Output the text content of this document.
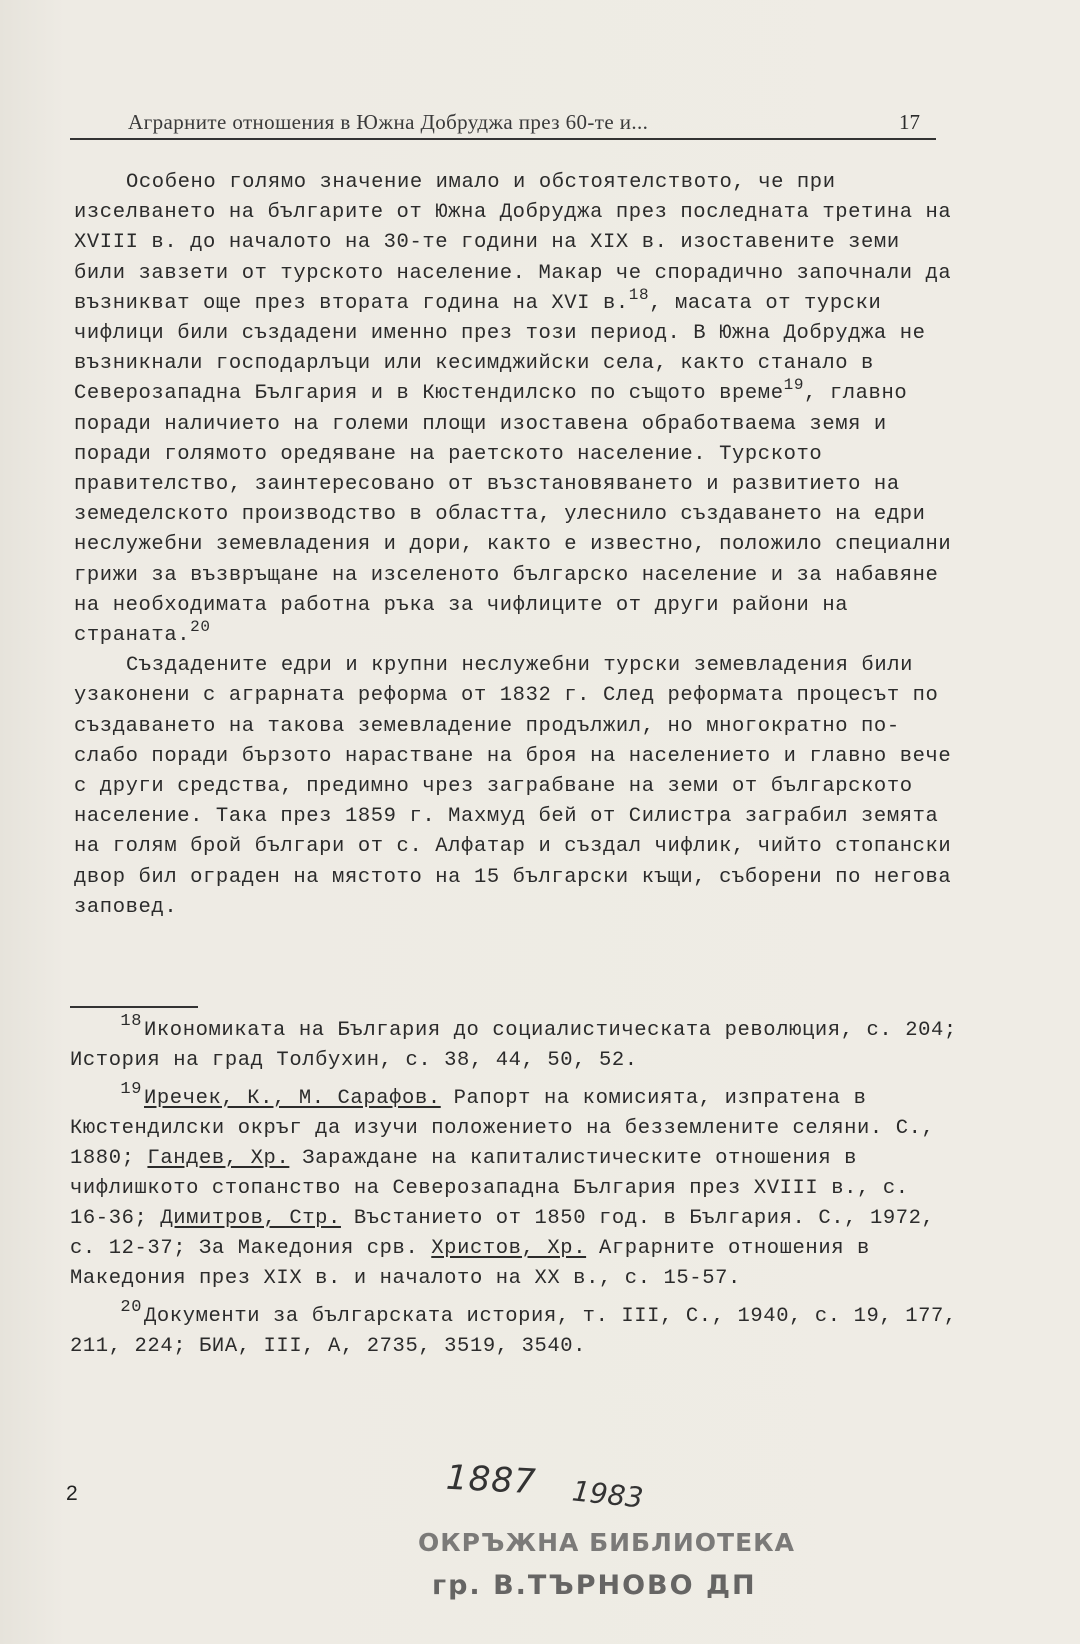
Аграрните отношения в Южна Добруджа през 60-те и...	17

Особено голямо значение имало и обстоятелството, че при изселването на българите от Южна Добруджа през последната третина на XVIII в. до началото на 30-те години на XIX в. изоставените земи били завзети от турското население. Макар че спорадично започнали да възникват още през втората година на XVI в.$^{18}$, масата от турски чифлици били създадени именно през този период. В Южна Добруджа не възникнали господарлъци или кесимджийски села, както станало в Северозападна България и в Кюстендилско по същото време$^{19}$, главно поради наличието на големи площи изоставена обработваема земя и поради голямото оредяване на раетското население. Турското правителство, заинтересовано от възстановяването и развитието на земеделското производство в областта, улеснило създаването на едри неслужебни земевладения и дори, както е известно, положило специални грижи за възвръщане на изселеното българско население и за набавяне на необходимата работна ръка за чифлиците от други райони на страната.$^{20}$

Създадените едри и крупни неслужебни турски земевладения били узаконени с аграрната реформа от 1832 г. След реформата процесът по създаването на такова земевладение продължил, но многократно по-слабо поради бързото нарастване на броя на населението и главно вече с други средства, предимно чрез заграбване на земи от българското население. Така през 1859 г. Махмуд бей от Силистра заграбил земята на голям брой българи от с. Алфатар и създал чифлик, чийто стопански двор бил ограден на мястото на 15 български къщи, съборени по негова заповед.

18Икономиката на България до социалистическата революция, с. 204; История на град Толбухин, с. 38, 44, 50, 52.
19Иречек, К., М. Сарафов. Рапорт на комисията, изпратена в Кюстендилски окръг да изучи положението на безземлените селяни. С., 1880; Гандев, Хр. Зараждане на капиталистическите отношения в чифлишкото стопанство на Северозападна България през XVIII в., с. 16-36; Димитров, Стр. Въстанието от 1850 год. в България. С., 1972, с. 12-37; За Македония срв. Христов, Хр. Аграрните отношения в Македония през XIX в. и началото на XX в., с. 15-57.
20Документи за българската история, т. III, С., 1940, с. 19, 177, 211, 224; БИА, III, А, 2735, 3519, 3540.
2	1887 1983
ОКРЪЖНА БИБЛИОТЕКА
гр. В.ТЪРНОВО ДП
